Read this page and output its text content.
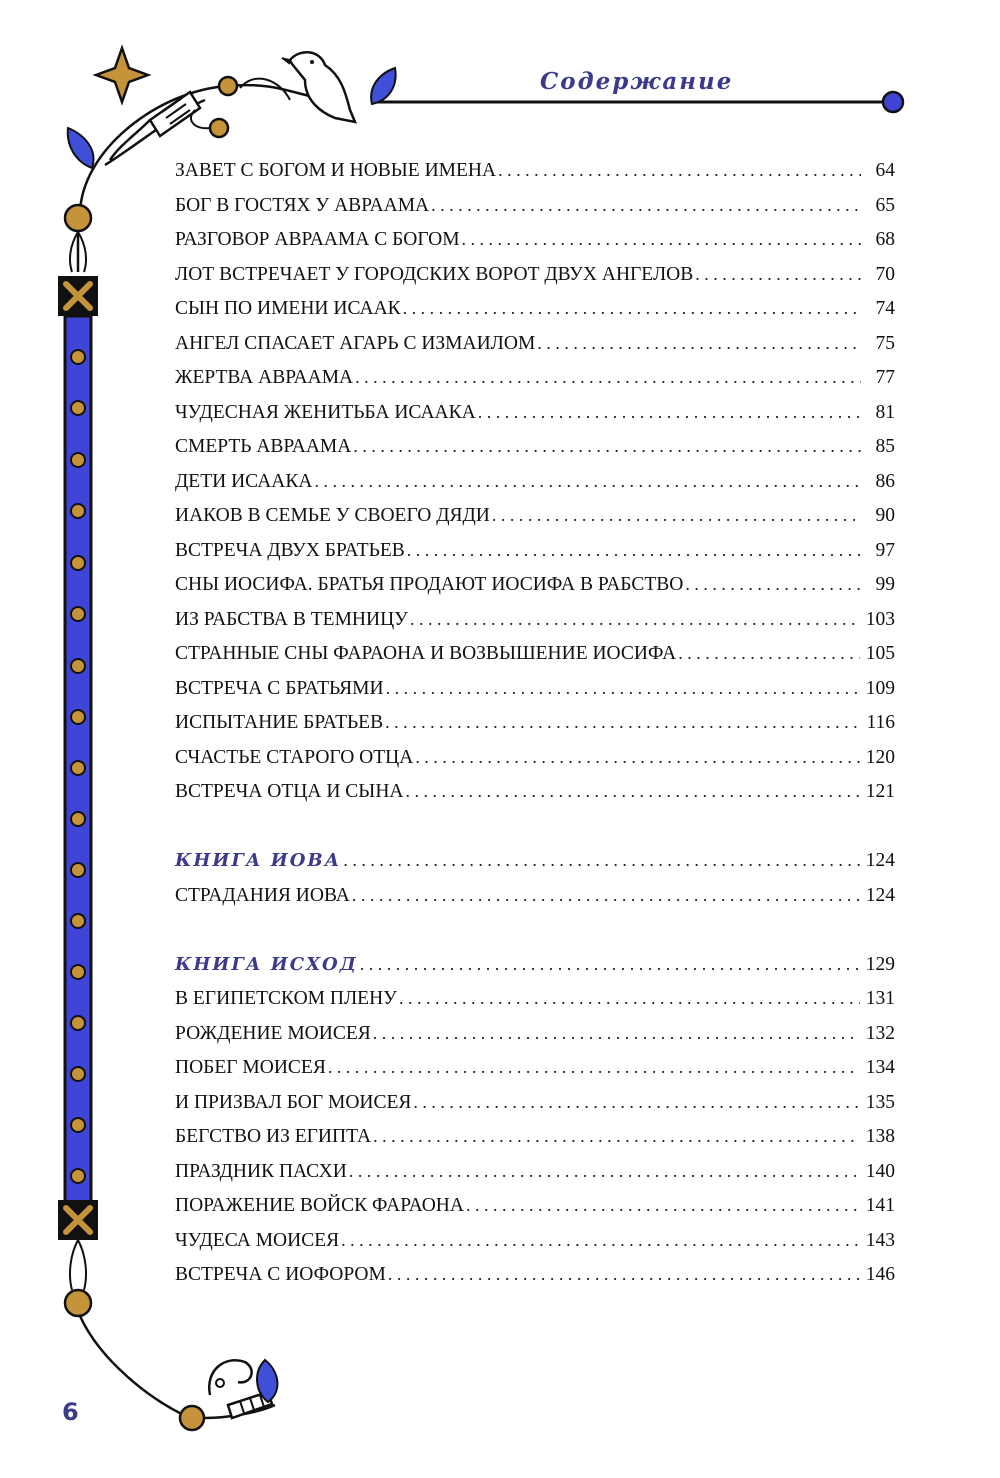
Содержание
ЗАВЕТ С БОГОМ И НОВЫЕ ИМЕНА . . .	64
БОГ В ГОСТЯХ У АВРААМА . . .	65
РАЗГОВОР АВРААМА С БОГОМ . . .	68
ЛОТ ВСТРЕЧАЕТ У ГОРОДСКИХ ВОРОТ ДВУХ АНГЕЛОВ . . .	70
СЫН ПО ИМЕНИ ИСААК . . .	74
АНГЕЛ СПАСАЕТ АГАРЬ С ИЗМАИЛОМ . . .	75
ЖЕРТВА АВРААМА . . .	77
ЧУДЕСНАЯ ЖЕНИТЬБА ИСААКА . . .	81
СМЕРТЬ АВРААМА . . .	85
ДЕТИ ИСААКА . . .	86
ИАКОВ В СЕМЬЕ У СВОЕГО ДЯДИ . . .	90
ВСТРЕЧА ДВУХ БРАТЬЕВ . . .	97
СНЫ ИОСИФА. БРАТЬЯ ПРОДАЮТ ИОСИФА В РАБСТВО . . .	99
ИЗ РАБСТВА В ТЕМНИЦУ . . .	103
СТРАННЫЕ СНЫ ФАРАОНА И ВОЗВЫШЕНИЕ ИОСИФА . . .	105
ВСТРЕЧА С БРАТЬЯМИ . . .	109
ИСПЫТАНИЕ БРАТЬЕВ . . .	116
СЧАСТЬЕ СТАРОГО ОТЦА . . .	120
ВСТРЕЧА ОТЦА И СЫНА . . .	121
КНИГА ИОВА . . .	124
СТРАДАНИЯ ИОВА . . .	124
КНИГА ИСХОД . . .	129
В ЕГИПЕТСКОМ ПЛЕНУ . . .	131
РОЖДЕНИЕ МОИСЕЯ . . .	132
ПОБЕГ МОИСЕЯ . . .	134
И ПРИЗВАЛ БОГ МОИСЕЯ . . .	135
БЕГСТВО ИЗ ЕГИПТА . . .	138
ПРАЗДНИК ПАСХИ . . .	140
ПОРАЖЕНИЕ ВОЙСК ФАРАОНА . . .	141
ЧУДЕСА МОИСЕЯ . . .	143
ВСТРЕЧА С ИОФОРОМ . . .	146
6
